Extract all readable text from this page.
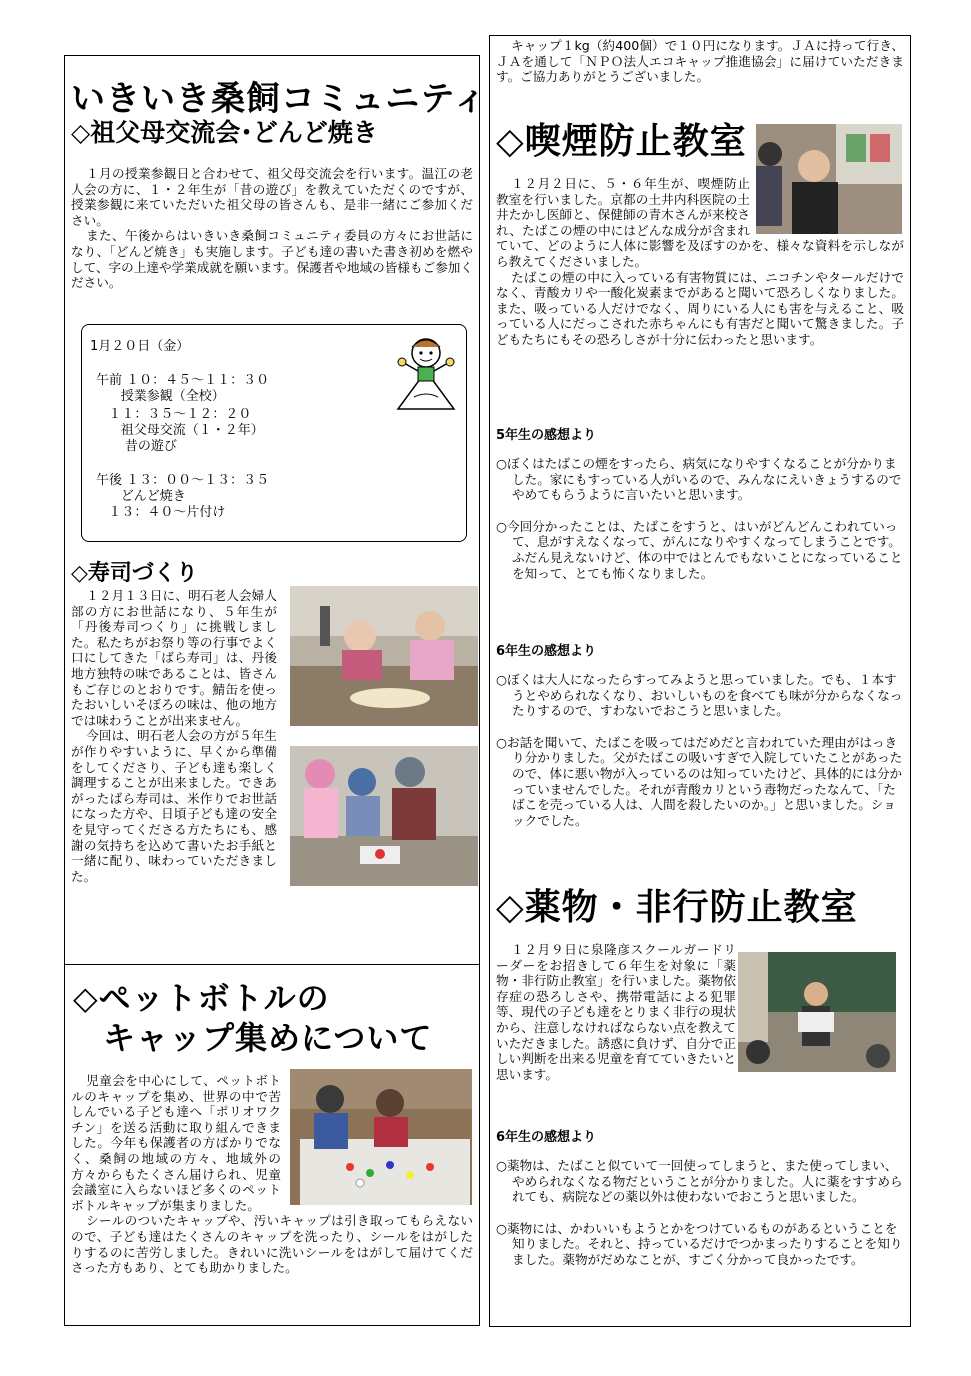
いきいき桑飼コミュニティ
◇祖父母交流会･どんど焼き

１月の授業参観日と合わせて、祖父母交流会を行います。温江の老人会の方に、１・２年生が「昔の遊び」を教えていただくのですが、授業参観に来ていただいた祖父母の皆さんも、是非一緒にご参加ください。

また、午後からはいきいき桑飼コミュニティ委員の方々にお世話になり、「どんど焼き」も実施します。子ども達の書いた書き初めを燃やして、字の上達や学業成就を願います。保護者や地域の皆様もご参加ください。

1月２０日（金）
午前 １０：４５～１１：３０
授業参観（全校）
１１：３５～１２：２０
祖父母交流（１・２年）
昔の遊び
午後 １３：００～１３：３５
どんど焼き
１３：４０～片付け
◇寿司づくり

１２月１３日に、明石老人会婦人部の方にお世話になり、５年生が「丹後寿司つくり」に挑戦しました。私たちがお祭り等の行事でよく口にしてきた「ばら寿司」は、丹後地方独特の味であることは、皆さんもご存じのとおりです。鯖缶を使ったおいしいそぼろの味は、他の地方では味わうことが出来ません。

今回は、明石老人会の方が５年生が作りやすいように、早くから準備をしてくださり、子ども達も楽しく調理することが出来ました。できあがったばら寿司は、米作りでお世話になった方や、日頃子ども達の安全を見守ってくださる方たちにも、感謝の気持ちを込めて書いたお手紙と一緒に配り、味わっていただきました。

◇ペットボトルの
キャップ集めについて

児童会を中心にして、ペットボトルのキャップを集め、世界の中で苦しんでいる子ども達へ「ポリオワクチン」を送る活動に取り組んできました。今年も保護者の方ばかりでなく、桑飼の地域の方々、地域外の方々からもたくさん届けられ、児童会議室に入らないほど多くのペットボトルキャップが集まりました。

シールのついたキャップや、汚いキャップは引き取ってもらえないので、子ども達はたくさんのキャップを洗ったり、シールをはがしたりするのに苦労しました。きれいに洗いシールをはがして届けてくださった方もあり、とても助かりました。

キャップ１kg（約400個）で１０円になります。ＪＡに持って行き、ＪＡを通して「ＮＰＯ法人エコキャップ推進協会」に届けていただきます。ご協力ありがとうございました。

◇喫煙防止教室

１２月２日に、５・６年生が、喫煙防止教室を行いました。京都の土井内科医院の土井たかし医師と、保健師の青木さんが来校され、たばこの煙の中にはどんな成分が含まれていて、どのように人体に影響を及ぼすのかを、様々な資料を示しながら教えてくださいました。

たばこの煙の中に入っている有害物質には、ニコチンやタールだけでなく、青酸カリや一酸化炭素までがあると聞いて恐ろしくなりました。また、吸っている人だけでなく、周りにいる人にも害を与えること、吸っている人にだっこされた赤ちゃんにも有害だと聞いて驚きました。子どもたちにもその恐ろしさが十分に伝わったと思います。

5年生の感想より

○ぼくはたばこの煙をすったら、病気になりやすくなることが分かりました。家にもすっている人がいるので、みんなにえいきょうするのでやめてもらうように言いたいと思います。

○今回分かったことは、たばこをすうと、はいがどんどんこわれていって、息がすえなくなって、がんになりやすくなってしまうことです。ふだん見えないけど、体の中ではとんでもないことになっていることを知って、とても怖くなりました。

6年生の感想より

○ぼくは大人になったらすってみようと思っていました。でも、１本すうとやめられなくなり、おいしいものを食べても味が分からなくなったりするので、すわないでおこうと思いました。

○お話を聞いて、たばこを吸ってはだめだと言われていた理由がはっきり分かりました。父がたばこの吸いすぎで入院していたことがあったので、体に悪い物が入っているのは知っていたけど、具体的には分かっていませんでした。それが青酸カリという毒物だったなんて、「たばこを売っている人は、人間を殺したいのか。」と思いました。ショックでした。

◇薬物・非行防止教室

１２月９日に泉隆彦スクールガードリーダーをお招きして６年生を対象に「薬物・非行防止教室」を行いました。薬物依存症の恐ろしさや、携帯電話による犯罪等、現代の子ども達をとりまく非行の現状から、注意しなければならない点を教えていただきました。誘惑に負けず、自分で正しい判断を出来る児童を育てていきたいと思います。

6年生の感想より

○薬物は、たばこと似ていて一回使ってしまうと、また使ってしまい、やめられなくなる物だということが分かりました。人に薬をすすめられても、病院などの薬以外は使わないでおこうと思いました。

○薬物には、かわいいもようとかをつけているものがあるということを知りました。それと、持っているだけでつかまったりすることを知りました。薬物がだめなことが、すごく分かって良かったです。
